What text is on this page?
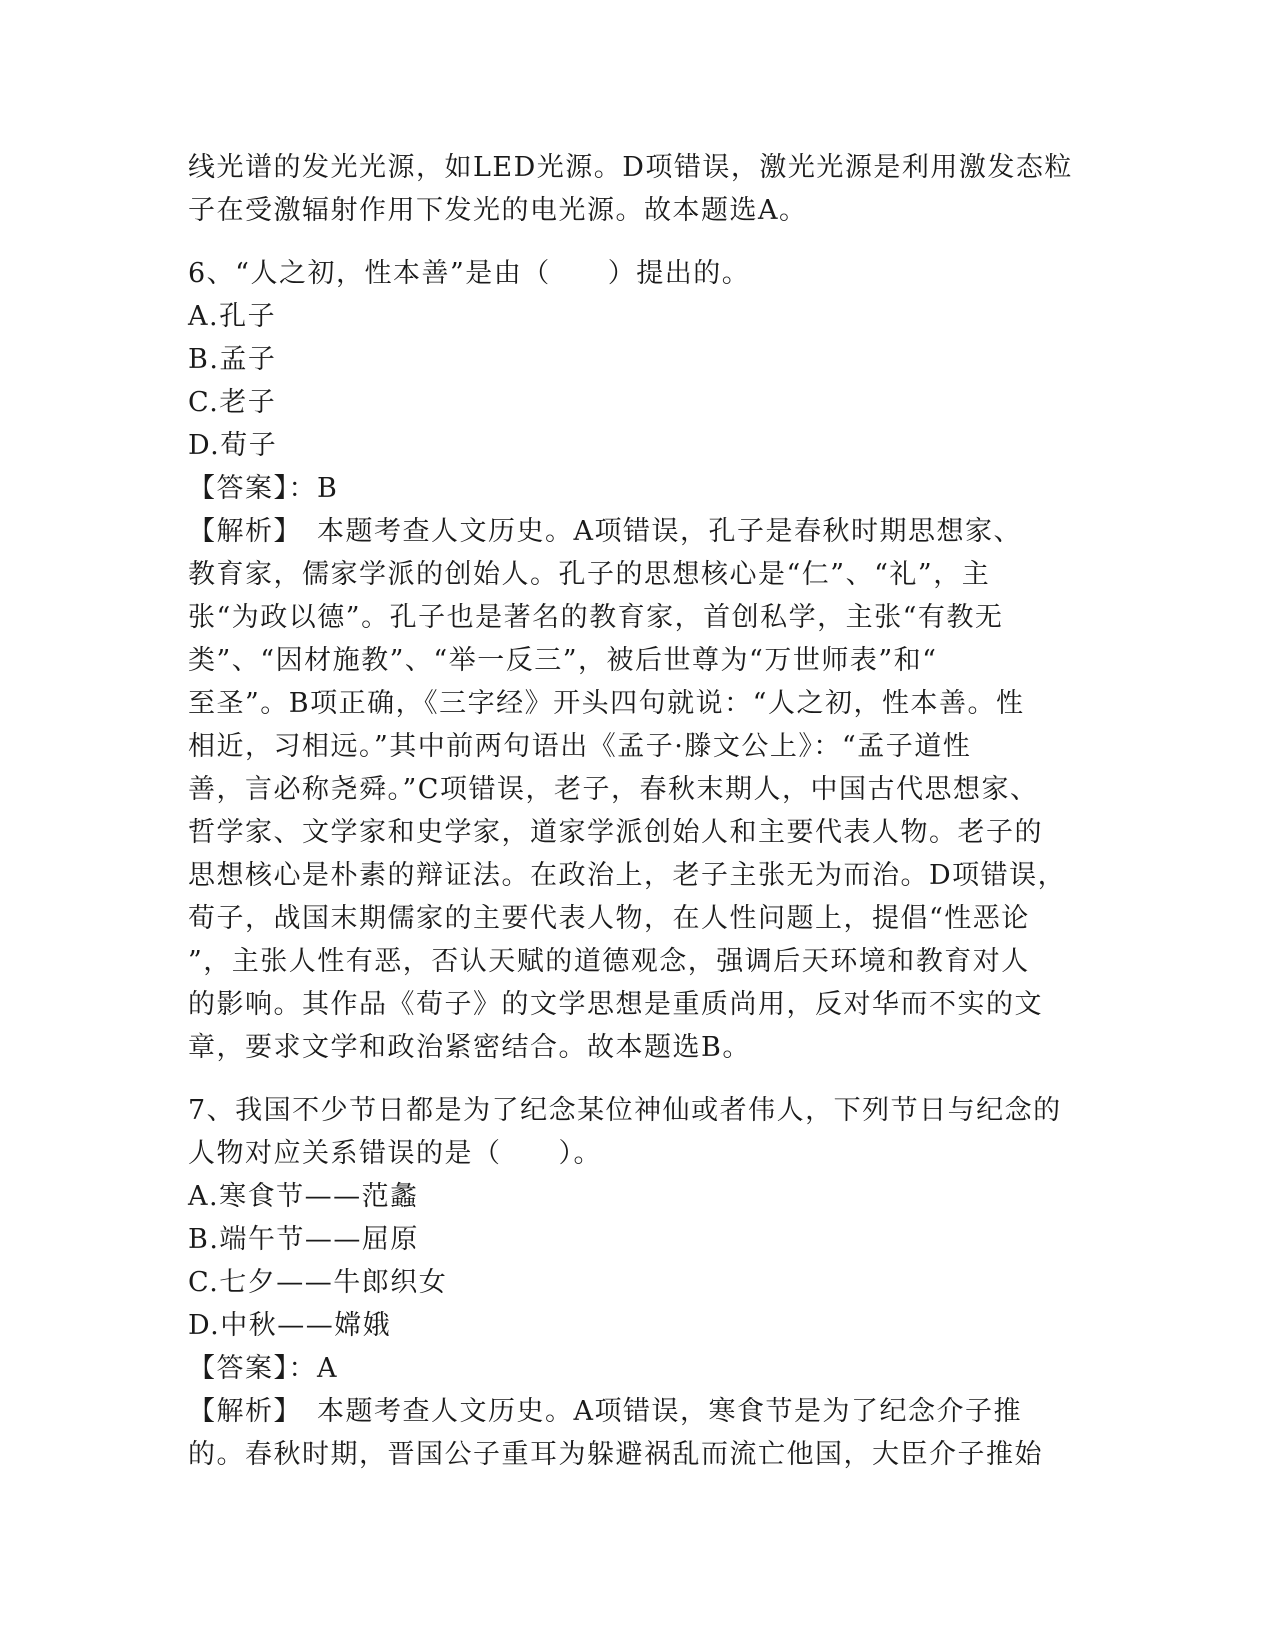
线光谱的发光光源，如LED光源。D项错误，激光光源是利用激发态粒
子在受激辐射作用下发光的电光源。故本题选A。
6、“人之初，性本善”是由（　　）提出的。
A.孔子
B.孟子
C.老子
D.荀子
【答案】：B
【解析】　本题考查人文历史。A项错误，孔子是春秋时期思想家、
教育家，儒家学派的创始人。孔子的思想核心是“仁”、“礼”，主
张“为政以德”。孔子也是著名的教育家，首创私学，主张“有教无
类”、“因材施教”、“举一反三”，被后世尊为“万世师表”和“
至圣”。B项正确，《三字经》开头四句就说：“人之初，性本善。性
相近，习相远。”其中前两句语出《孟子·滕文公上》：“孟子道性
善，言必称尧舜。”C项错误，老子，春秋末期人，中国古代思想家、
哲学家、文学家和史学家，道家学派创始人和主要代表人物。老子的
思想核心是朴素的辩证法。在政治上，老子主张无为而治。D项错误，
荀子，战国末期儒家的主要代表人物，在人性问题上，提倡“性恶论
”，主张人性有恶，否认天赋的道德观念，强调后天环境和教育对人
的影响。其作品《荀子》的文学思想是重质尚用，反对华而不实的文
章，要求文学和政治紧密结合。故本题选B。
7、我国不少节日都是为了纪念某位神仙或者伟人，下列节日与纪念的
人物对应关系错误的是（　　）。
A.寒食节——范蠡
B.端午节——屈原
C.七夕——牛郎织女
D.中秋——嫦娥
【答案】：A
【解析】　本题考查人文历史。A项错误，寒食节是为了纪念介子推
的。春秋时期，晋国公子重耳为躲避祸乱而流亡他国，大臣介子推始
